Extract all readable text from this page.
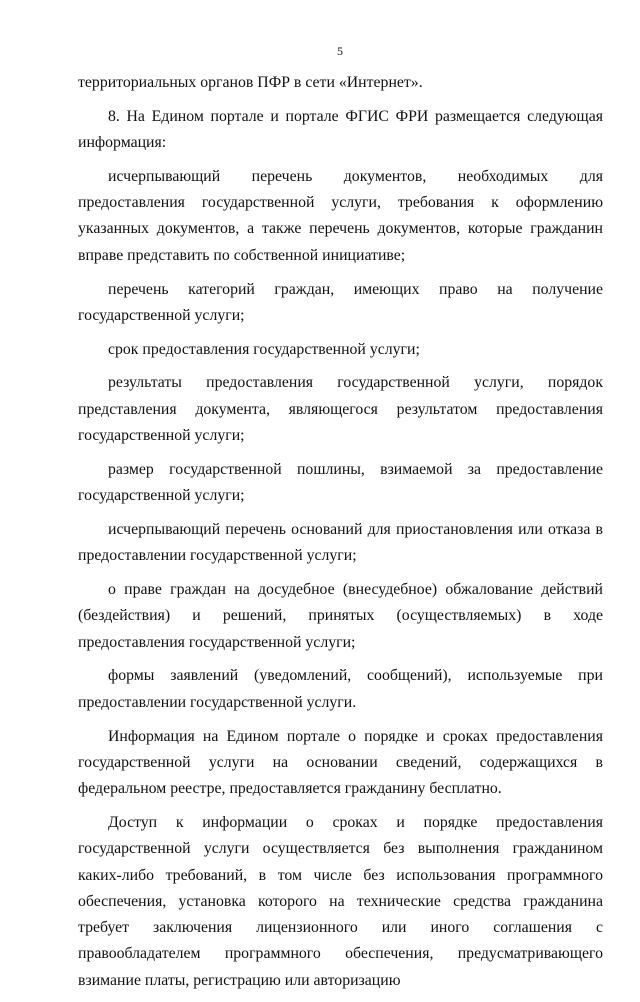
5

территориальных органов ПФР в сети «Интернет».

8. На Едином портале и портале ФГИС ФРИ размещается следующая информация:

исчерпывающий перечень документов, необходимых для предоставления государственной услуги, требования к оформлению указанных документов, а также перечень документов, которые гражданин вправе представить по собственной инициативе;

перечень категорий граждан, имеющих право на получение государственной услуги;

срок предоставления государственной услуги;

результаты предоставления государственной услуги, порядок представления документа, являющегося результатом предоставления государственной услуги;

размер государственной пошлины, взимаемой за предоставление государственной услуги;

исчерпывающий перечень оснований для приостановления или отказа в предоставлении государственной услуги;

о праве граждан на досудебное (внесудебное) обжалование действий (бездействия) и решений, принятых (осуществляемых) в ходе предоставления государственной услуги;

формы заявлений (уведомлений, сообщений), используемые при предоставлении государственной услуги.

Информация на Едином портале о порядке и сроках предоставления государственной услуги на основании сведений, содержащихся в федеральном реестре, предоставляется гражданину бесплатно.

Доступ к информации о сроках и порядке предоставления государственной услуги осуществляется без выполнения гражданином каких-либо требований, в том числе без использования программного обеспечения, установка которого на технические средства гражданина требует заключения лицензионного или иного соглашения с правообладателем программного обеспечения, предусматривающего взимание платы, регистрацию или авторизацию
